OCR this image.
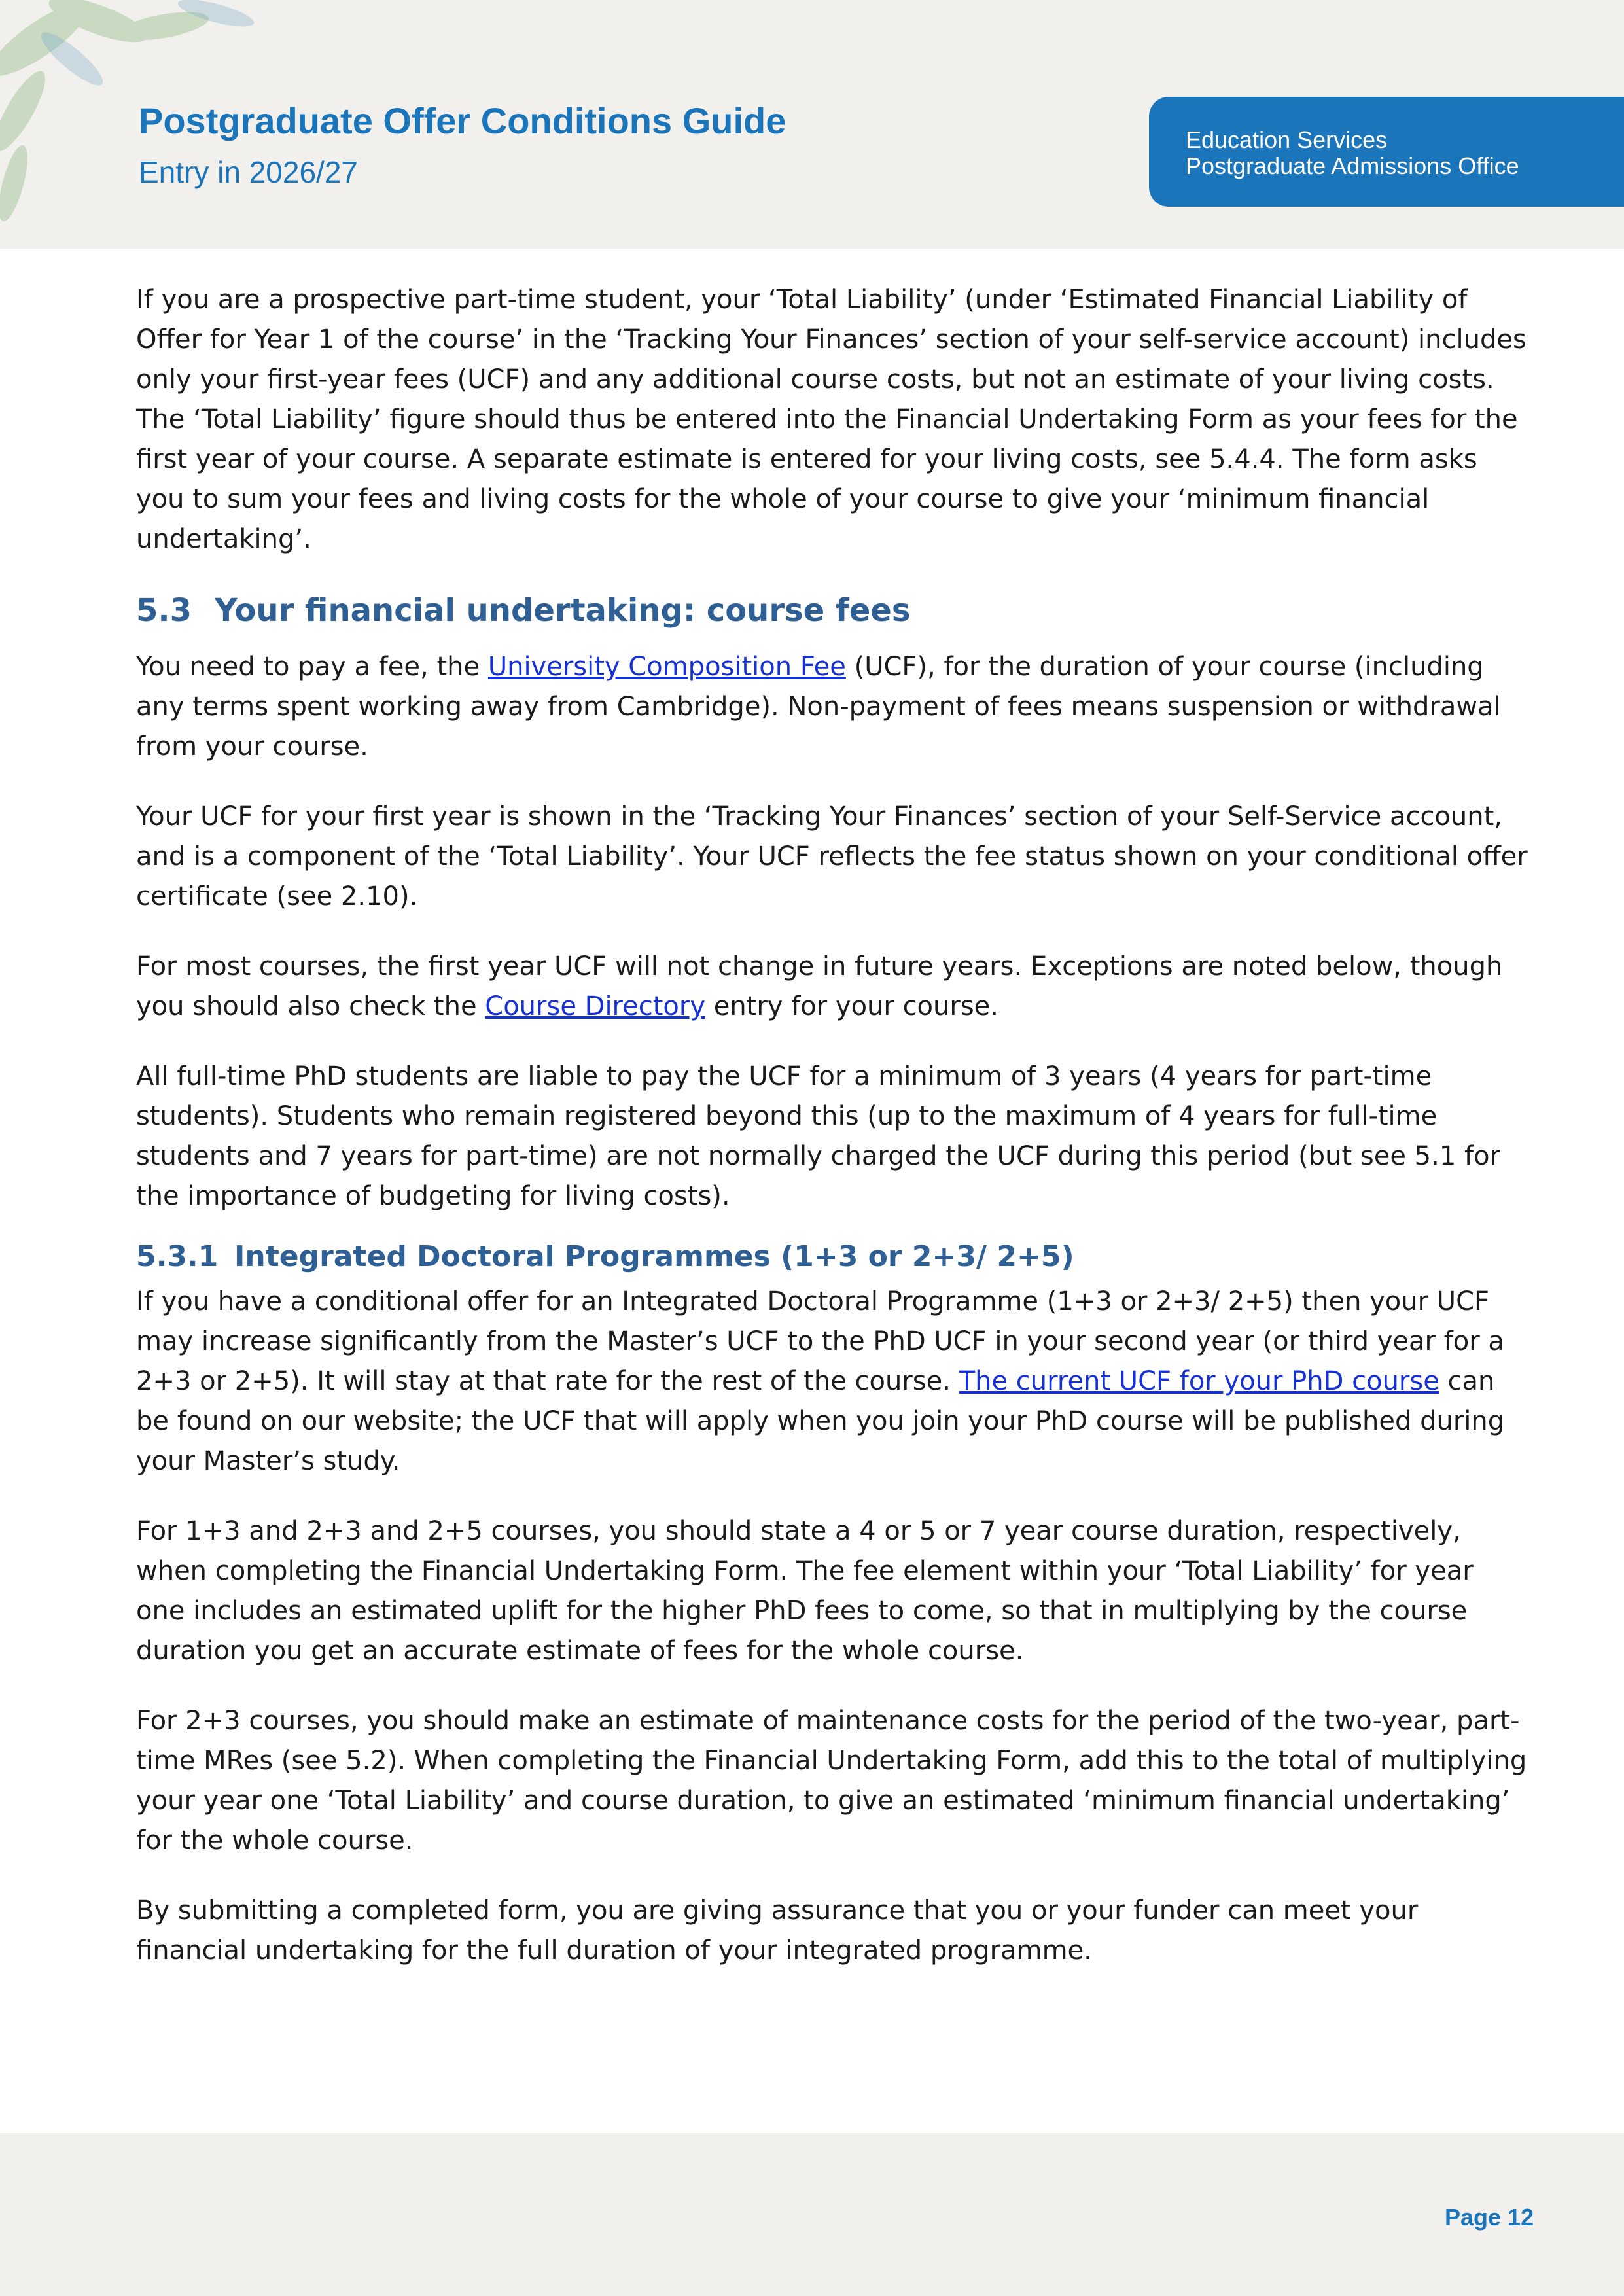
Postgraduate Offer Conditions Guide
Entry in 2026/27
Education Services
Postgraduate Admissions Office

If you are a prospective part-time student, your ‘Total Liability’ (under ‘Estimated Financial Liability of Offer for Year 1 of the course’ in the ‘Tracking Your Finances’ section of your self-service account) includes only your first-year fees (UCF) and any additional course costs, but not an estimate of your living costs. The ‘Total Liability’ figure should thus be entered into the Financial Undertaking Form as your fees for the first year of your course. A separate estimate is entered for your living costs, see 5.4.4. The form asks you to sum your fees and living costs for the whole of your course to give your ‘minimum financial undertaking’.

5.3 Your financial undertaking: course fees

You need to pay a fee, the University Composition Fee (UCF), for the duration of your course (including any terms spent working away from Cambridge). Non-payment of fees means suspension or withdrawal from your course.

Your UCF for your first year is shown in the ‘Tracking Your Finances’ section of your Self-Service account, and is a component of the ‘Total Liability’. Your UCF reflects the fee status shown on your conditional offer certificate (see 2.10).

For most courses, the first year UCF will not change in future years. Exceptions are noted below, though you should also check the Course Directory entry for your course.

All full-time PhD students are liable to pay the UCF for a minimum of 3 years (4 years for part-time students). Students who remain registered beyond this (up to the maximum of 4 years for full-time students and 7 years for part-time) are not normally charged the UCF during this period (but see 5.1 for the importance of budgeting for living costs).

5.3.1 Integrated Doctoral Programmes (1+3 or 2+3/ 2+5)

If you have a conditional offer for an Integrated Doctoral Programme (1+3 or 2+3/ 2+5) then your UCF may increase significantly from the Master’s UCF to the PhD UCF in your second year (or third year for a 2+3 or 2+5). It will stay at that rate for the rest of the course. The current UCF for your PhD course can be found on our website; the UCF that will apply when you join your PhD course will be published during your Master’s study.

For 1+3 and 2+3 and 2+5 courses, you should state a 4 or 5 or 7 year course duration, respectively, when completing the Financial Undertaking Form. The fee element within your ‘Total Liability’ for year one includes an estimated uplift for the higher PhD fees to come, so that in multiplying by the course duration you get an accurate estimate of fees for the whole course.

For 2+3 courses, you should make an estimate of maintenance costs for the period of the two-year, part-time MRes (see 5.2). When completing the Financial Undertaking Form, add this to the total of multiplying your year one ‘Total Liability’ and course duration, to give an estimated ‘minimum financial undertaking’ for the whole course.

By submitting a completed form, you are giving assurance that you or your funder can meet your financial undertaking for the full duration of your integrated programme.

Page 12
